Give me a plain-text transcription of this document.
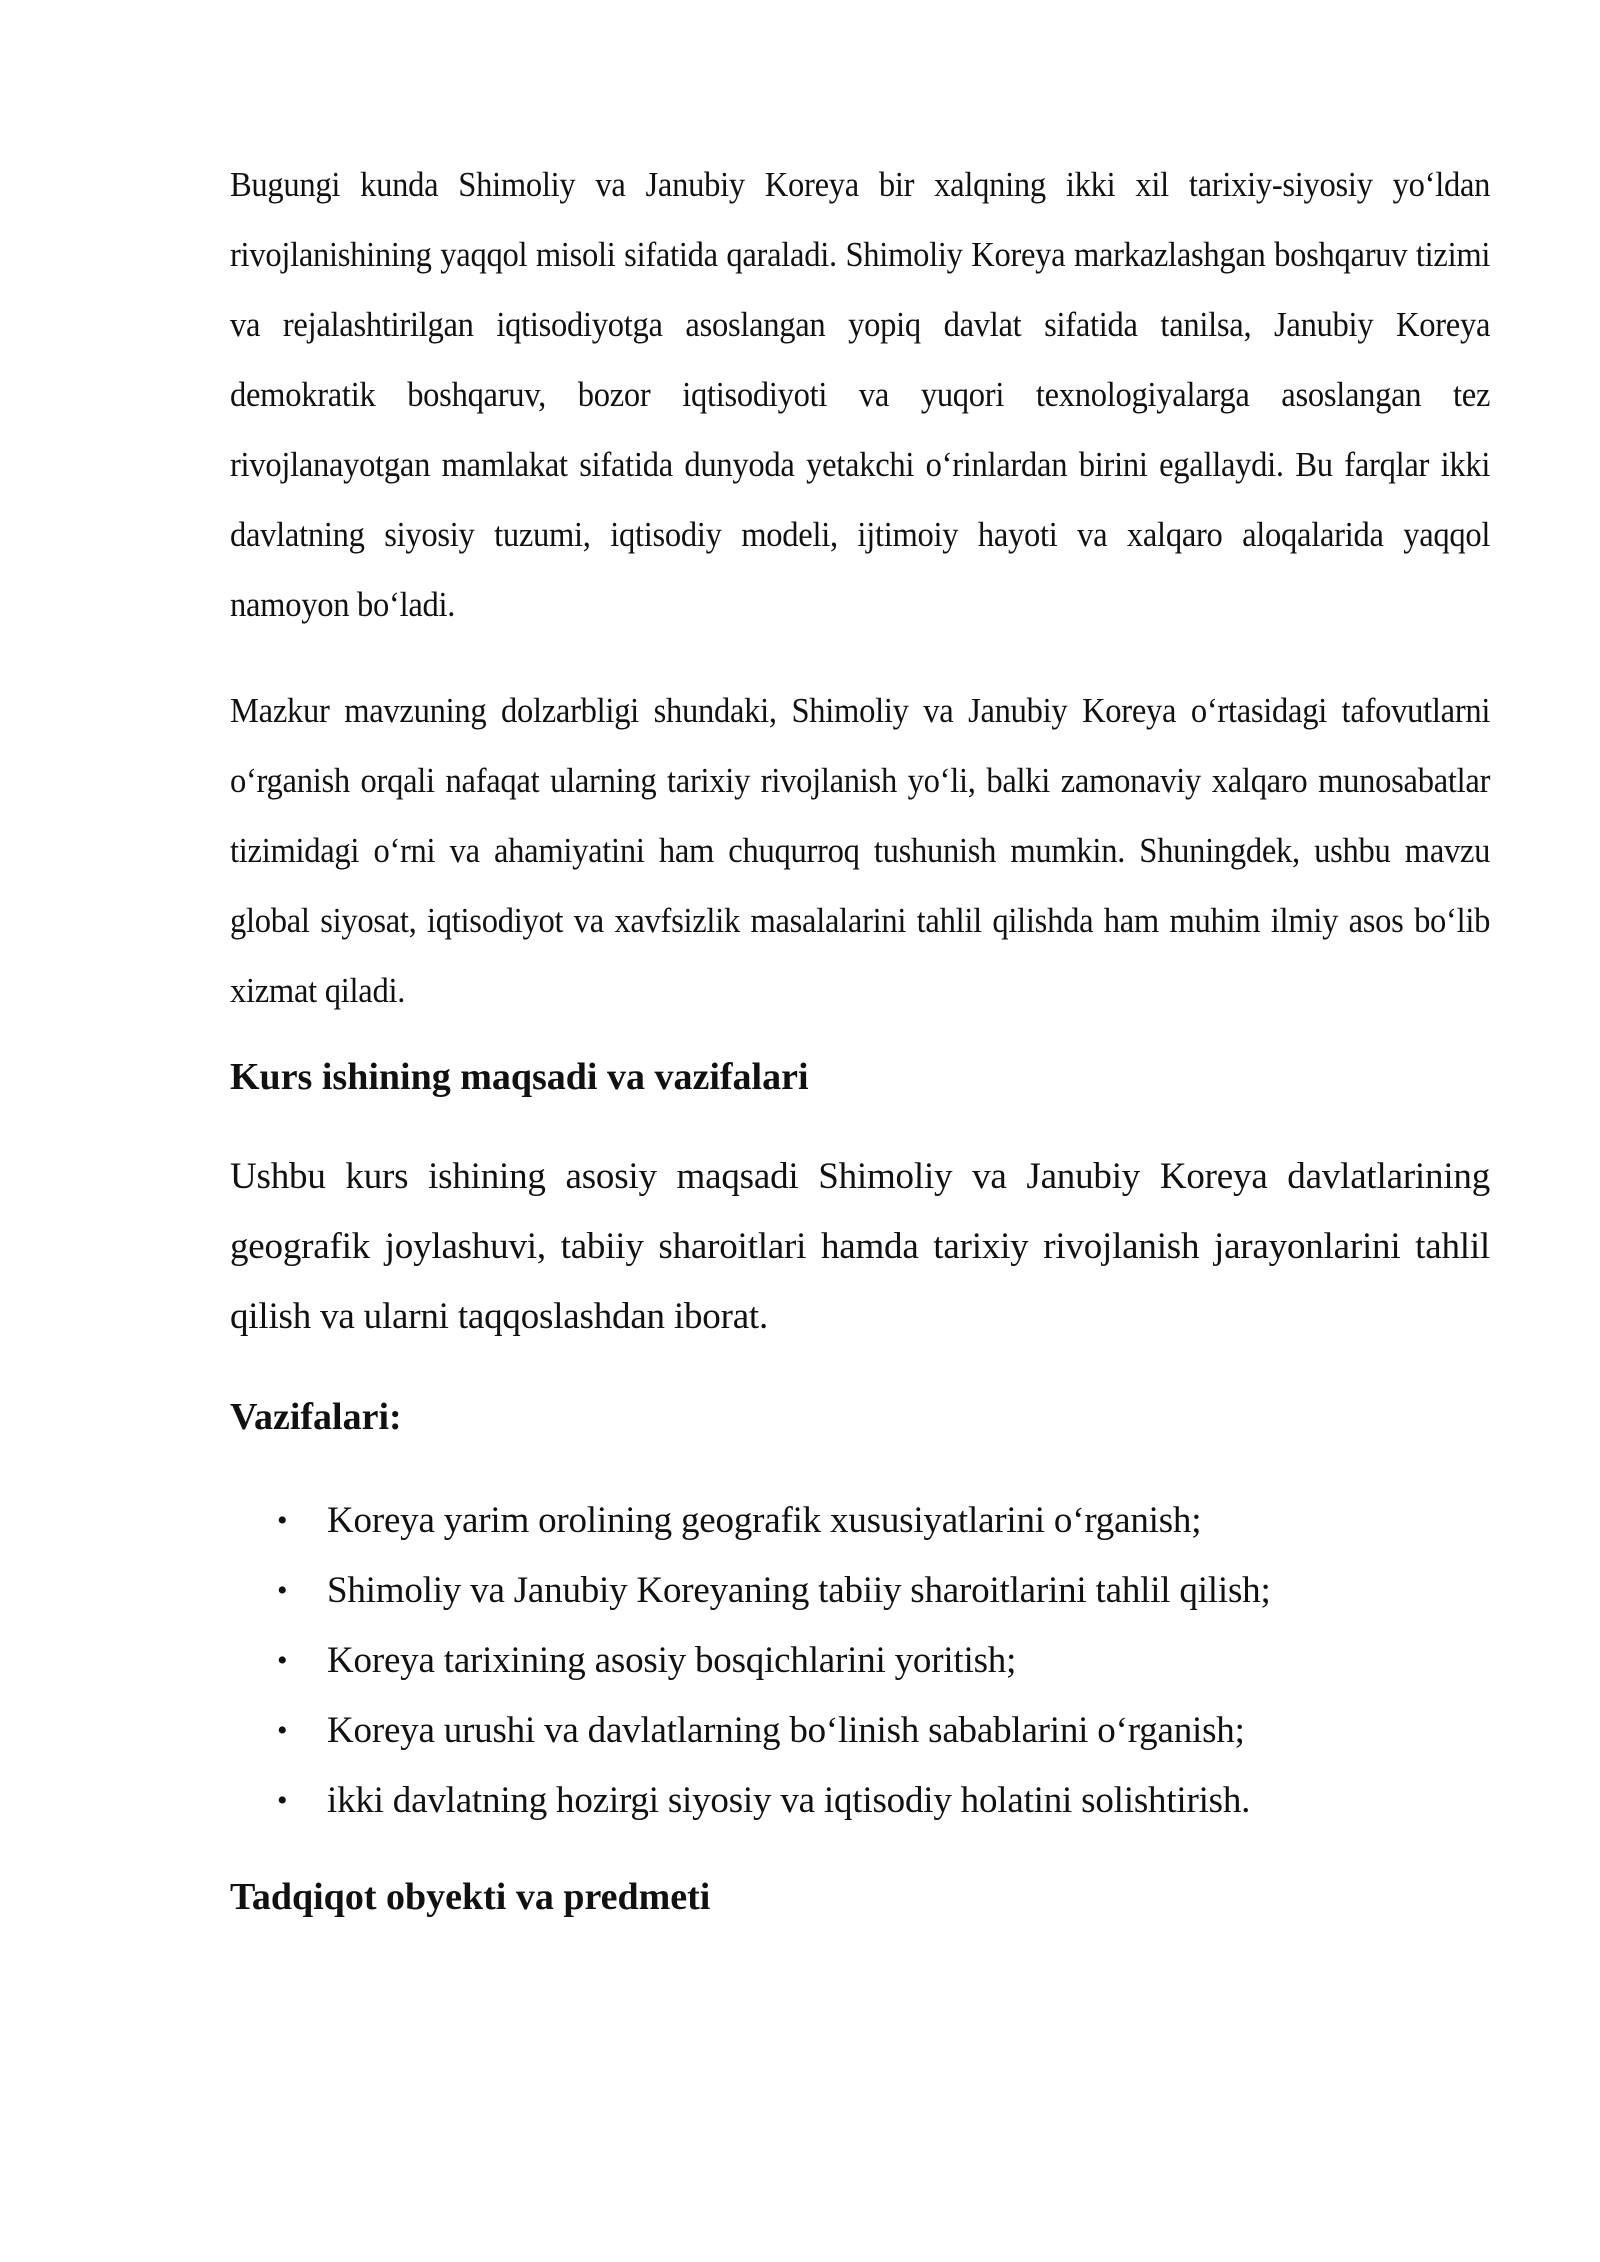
Bugungi kunda Shimoliy va Janubiy Koreya bir xalqning ikki xil tarixiy-siyosiy yo‘ldan rivojlanishining yaqqol misoli sifatida qaraladi. Shimoliy Koreya markazlashgan boshqaruv tizimi va rejalashtirilgan iqtisodiyotga asoslangan yopiq davlat sifatida tanilsa, Janubiy Koreya demokratik boshqaruv, bozor iqtisodiyoti va yuqori texnologiyalarga asoslangan tez rivojlanayotgan mamlakat sifatida dunyoda yetakchi o‘rinlardan birini egallaydi. Bu farqlar ikki davlatning siyosiy tuzumi, iqtisodiy modeli, ijtimoiy hayoti va xalqaro aloqalarida yaqqol namoyon bo‘ladi.

Mazkur mavzuning dolzarbligi shundaki, Shimoliy va Janubiy Koreya o‘rtasidagi tafovutlarni o‘rganish orqali nafaqat ularning tarixiy rivojlanish yo‘li, balki zamonaviy xalqaro munosabatlar tizimidagi o‘rni va ahamiyatini ham chuqurroq tushunish mumkin. Shuningdek, ushbu mavzu global siyosat, iqtisodiyot va xavfsizlik masalalarini tahlil qilishda ham muhim ilmiy asos bo‘lib xizmat qiladi.

Kurs ishining maqsadi va vazifalari

Ushbu kurs ishining asosiy maqsadi Shimoliy va Janubiy Koreya davlatlarining geografik joylashuvi, tabiiy sharoitlari hamda tarixiy rivojlanish jarayonlarini tahlil qilish va ularni taqqoslashdan iborat.

Vazifalari:
• Koreya yarim orolining geografik xususiyatlarini o‘rganish;
• Shimoliy va Janubiy Koreyaning tabiiy sharoitlarini tahlil qilish;
• Koreya tarixining asosiy bosqichlarini yoritish;
• Koreya urushi va davlatlarning bo‘linish sabablarini o‘rganish;
• ikki davlatning hozirgi siyosiy va iqtisodiy holatini solishtirish.
Tadqiqot obyekti va predmeti
